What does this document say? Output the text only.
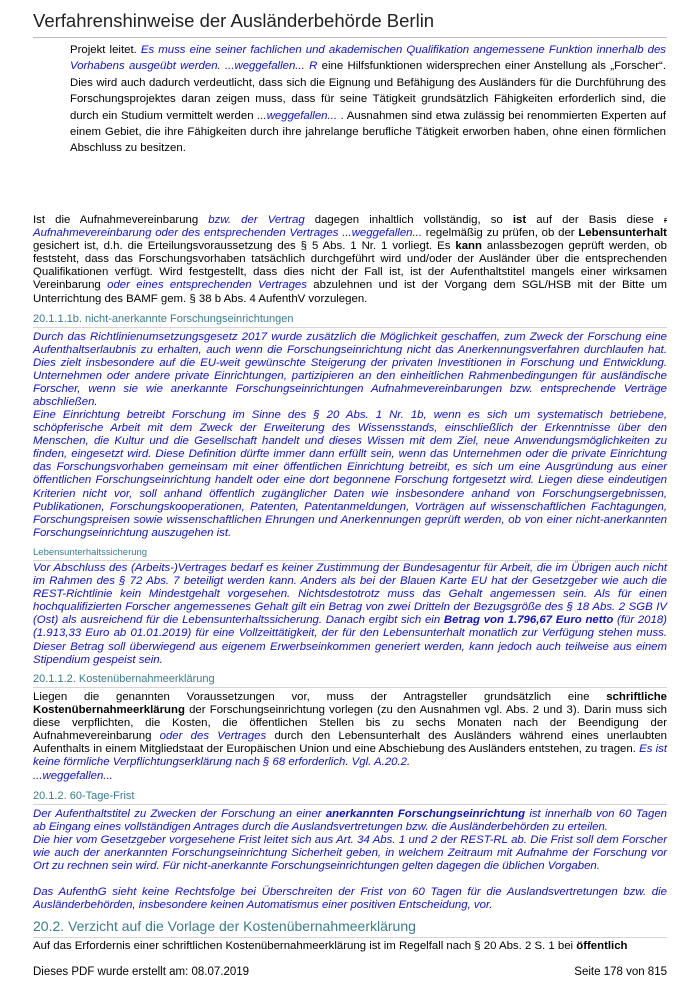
Verfahrenshinweise der Ausländerbehörde Berlin
Projekt leitet. Es muss eine seiner fachlichen und akademischen Qualifikation angemessene Funktion innerhalb des Vorhabens ausgeübt werden. ...weggefallen... R eine Hilfsfunktionen widersprechen einer Anstellung als „Forscher“. Dies wird auch dadurch verdeutlicht, dass sich die Eignung und Befähigung des Ausländers für die Durchführung des Forschungsprojektes daran zeigen muss, dass für seine Tätigkeit grundsätzlich Fähigkeiten erforderlich sind, die durch ein Studium vermittelt werden ...weggefallen... . Ausnahmen sind etwa zulässig bei renommierten Experten auf einem Gebiet, die ihre Fähigkeiten durch ihre jahrelange berufliche Tätigkeit erworben haben, ohne einen förmlichen Abschluss zu besitzen.
Ist die Aufnahmevereinbarung bzw. der Vertrag dagegen inhaltlich vollständig, so ist auf der Basis diese r Aufnahmevereinbarung oder des entsprechenden Vertrages ...weggefallen... regelmäßig zu prüfen, ob der Lebensunterhalt gesichert ist, d.h. die Erteilungsvoraussetzung des § 5 Abs. 1 Nr. 1 vorliegt. Es kann anlassbezogen geprüft werden, ob feststeht, dass das Forschungsvorhaben tatsächlich durchgeführt wird und/oder der Ausländer über die entsprechenden Qualifikationen verfügt. Wird festgestellt, dass dies nicht der Fall ist, ist der Aufenthaltstitel mangels einer wirksamen Vereinbarung oder eines entsprechenden Vertrages abzulehnen und ist der Vorgang dem SGL/HSB mit der Bitte um Unterrichtung des BAMF gem. § 38 b Abs. 4 AufenthV vorzulegen.
20.1.1.1b. nicht-anerkannte Forschungseinrichtungen
Durch das Richtlinienumsetzungsgesetz 2017 wurde zusätzlich die Möglichkeit geschaffen, zum Zweck der Forschung eine Aufenthaltserlaubnis zu erhalten, auch wenn die Forschungseinrichtung nicht das Anerkennungsverfahren durchlaufen hat. Dies zielt insbesondere auf die EU-weit gewünschte Steigerung der privaten Investitionen in Forschung und Entwicklung. Unternehmen oder andere private Einrichtungen, partizipieren an den einheitlichen Rahmenbedingungen für ausländische Forscher, wenn sie wie anerkannte Forschungseinrichtungen Aufnahmevereinbarungen bzw. entsprechende Verträge abschließen.
Eine Einrichtung betreibt Forschung im Sinne des § 20 Abs. 1 Nr. 1b, wenn es sich um systematisch betriebene, schöpferische Arbeit mit dem Zweck der Erweiterung des Wissensstands, einschließlich der Erkenntnisse über den Menschen, die Kultur und die Gesellschaft handelt und dieses Wissen mit dem Ziel, neue Anwendungsmöglichkeiten zu finden, eingesetzt wird. Diese Definition dürfte immer dann erfüllt sein, wenn das Unternehmen oder die private Einrichtung das Forschungsvorhaben gemeinsam mit einer öffentlichen Einrichtung betreibt, es sich um eine Ausgründung aus einer öffentlichen Forschungseinrichtung handelt oder eine dort begonnene Forschung fortgesetzt wird. Liegen diese eindeutigen Kriterien nicht vor, soll anhand öffentlich zugänglicher Daten wie insbesondere anhand von Forschungsergebnissen, Publikationen, Forschungskooperationen, Patenten, Patentanmeldungen, Vorträgen auf wissenschaftlichen Fachtagungen, Forschungspreisen sowie wissenschaftlichen Ehrungen und Anerkennungen geprüft werden, ob von einer nicht-anerkannten Forschungseinrichtung auszugehen ist.
Lebensunterhaltssicherung
Vor Abschluss des (Arbeits-)Vertrages bedarf es keiner Zustimmung der Bundesagentur für Arbeit, die im Übrigen auch nicht im Rahmen des § 72 Abs. 7 beteiligt werden kann. Anders als bei der Blauen Karte EU hat der Gesetzgeber wie auch die REST-Richtlinie kein Mindestgehalt vorgesehen. Nichtsdestotrotz muss das Gehalt angemessen sein. Als für einen hochqualifizierten Forscher angemessenes Gehalt gilt ein Betrag von zwei Dritteln der Bezugsgröße des § 18 Abs. 2 SGB IV (Ost) als ausreichend für die Lebensunterhaltssicherung. Danach ergibt sich ein Betrag von 1.796,67 Euro netto (für 2018) (1.913,33 Euro ab 01.01.2019) für eine Vollzeittätigkeit, der für den Lebensunterhalt monatlich zur Verfügung stehen muss. Dieser Betrag soll überwiegend aus eigenem Erwerbseinkommen generiert werden, kann jedoch auch teilweise aus einem Stipendium gespeist sein.
20.1.1.2. Kostenübernahmeerklärung
Liegen die genannten Voraussetzungen vor, muss der Antragsteller grundsätzlich eine schriftliche Kostenübernahmeerklärung der Forschungseinrichtung vorlegen (zu den Ausnahmen vgl. Abs. 2 und 3). Darin muss sich diese verpflichten, die Kosten, die öffentlichen Stellen bis zu sechs Monaten nach der Beendigung der Aufnahmevereinbarung oder des Vertrages durch den Lebensunterhalt des Ausländers während eines unerlaubten Aufenthalts in einem Mitgliedstaat der Europäischen Union und eine Abschiebung des Ausländers entstehen, zu tragen. Es ist keine förmliche Verpflichtungserklärung nach § 68 erforderlich. Vgl. A.20.2.
...weggefallen...
20.1.2. 60-Tage-Frist
Der Aufenthaltstitel zu Zwecken der Forschung an einer anerkannten Forschungseinrichtung ist innerhalb von 60 Tagen ab Eingang eines vollständigen Antrages durch die Auslandsvertretungen bzw. die Ausländerbehörden zu erteilen.
Die hier vom Gesetzgeber vorgesehene Frist leitet sich aus Art. 34 Abs. 1 und 2 der REST-RL ab. Die Frist soll dem Forscher wie auch der anerkannten Forschungseinrichtung Sicherheit geben, in welchem Zeitraum mit Aufnahme der Forschung vor Ort zu rechnen sein wird. Für nicht-anerkannte Forschungseinrichtungen gelten dagegen die üblichen Vorgaben.
Das AufenthG sieht keine Rechtsfolge bei Überschreiten der Frist von 60 Tagen für die Auslandsvertretungen bzw. die Ausländerbehörden, insbesondere keinen Automatismus einer positiven Entscheidung, vor.
20.2. Verzicht auf die Vorlage der Kostenübernahmeerklärung
Auf das Erfordernis einer schriftlichen Kostenübernahmeerklärung ist im Regelfall nach § 20 Abs. 2 S. 1 bei öffentlich
Dieses PDF wurde erstellt am: 08.07.2019	Seite 178 von 815
